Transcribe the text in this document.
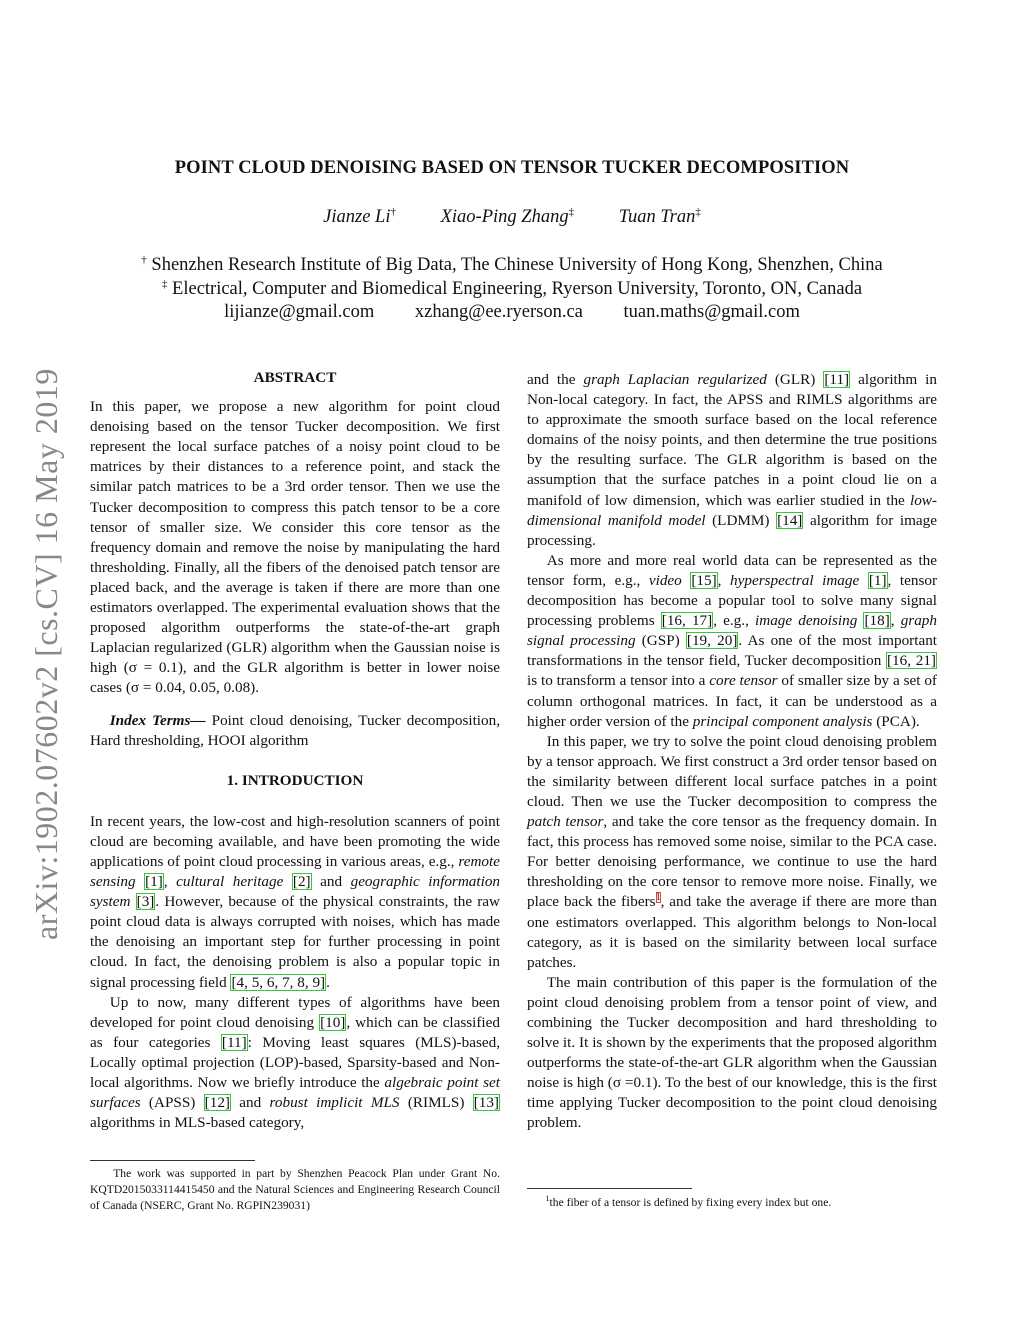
arXiv:1902.07602v2 [cs.CV] 16 May 2019
POINT CLOUD DENOISING BASED ON TENSOR TUCKER DECOMPOSITION
Jianze Li† Xiao-Ping Zhang‡ Tuan Tran‡
† Shenzhen Research Institute of Big Data, The Chinese University of Hong Kong, Shenzhen, China
‡ Electrical, Computer and Biomedical Engineering, Ryerson University, Toronto, ON, Canada
lijianze@gmail.com xzhang@ee.ryerson.ca tuan.maths@gmail.com
ABSTRACT

In this paper, we propose a new algorithm for point cloud denoising based on the tensor Tucker decomposition. We first represent the local surface patches of a noisy point cloud to be matrices by their distances to a reference point, and stack the similar patch matrices to be a 3rd order tensor. Then we use the Tucker decomposition to compress this patch tensor to be a core tensor of smaller size. We consider this core tensor as the frequency domain and remove the noise by manipulating the hard thresholding. Finally, all the fibers of the denoised patch tensor are placed back, and the average is taken if there are more than one estimators overlapped. The experimental evaluation shows that the proposed algorithm outperforms the state-of-the-art graph Laplacian regularized (GLR) algorithm when the Gaussian noise is high (σ = 0.1), and the GLR algorithm is better in lower noise cases (σ = 0.04, 0.05, 0.08).

Index Terms— Point cloud denoising, Tucker decomposition, Hard thresholding, HOOI algorithm

1. INTRODUCTION

In recent years, the low-cost and high-resolution scanners of point cloud are becoming available, and have been promoting the wide applications of point cloud processing in various areas, e.g., remote sensing [1], cultural heritage [2] and geographic information system [3]. However, because of the physical constraints, the raw point cloud data is always corrupted with noises, which has made the denoising an important step for further processing in point cloud. In fact, the denoising problem is also a popular topic in signal processing field [4, 5, 6, 7, 8, 9].

Up to now, many different types of algorithms have been developed for point cloud denoising [10], which can be classified as four categories [11]: Moving least squares (MLS)-based, Locally optimal projection (LOP)-based, Sparsity-based and Non-local algorithms. Now we briefly introduce the algebraic point set surfaces (APSS) [12] and robust implicit MLS (RIMLS) [13] algorithms in MLS-based category,

and the graph Laplacian regularized (GLR) [11] algorithm in Non-local category. In fact, the APSS and RIMLS algorithms are to approximate the smooth surface based on the local reference domains of the noisy points, and then determine the true positions by the resulting surface. The GLR algorithm is based on the assumption that the surface patches in a point cloud lie on a manifold of low dimension, which was earlier studied in the low-dimensional manifold model (LDMM) [14] algorithm for image processing.

As more and more real world data can be represented as the tensor form, e.g., video [15], hyperspectral image [1], tensor decomposition has become a popular tool to solve many signal processing problems [16, 17], e.g., image denoising [18], graph signal processing (GSP) [19, 20]. As one of the most important transformations in the tensor field, Tucker decomposition [16, 21] is to transform a tensor into a core tensor of smaller size by a set of column orthogonal matrices. In fact, it can be understood as a higher order version of the principal component analysis (PCA).

In this paper, we try to solve the point cloud denoising problem by a tensor approach. We first construct a 3rd order tensor based on the similarity between different local surface patches in a point cloud. Then we use the Tucker decomposition to compress the patch tensor, and take the core tensor as the frequency domain. In fact, this process has removed some noise, similar to the PCA case. For better denoising performance, we continue to use the hard thresholding on the core tensor to remove more noise. Finally, we place back the fibers$^1$, and take the average if there are more than one estimators overlapped. This algorithm belongs to Non-local category, as it is based on the similarity between local surface patches.

The main contribution of this paper is the formulation of the point cloud denoising problem from a tensor point of view, and combining the Tucker decomposition and hard thresholding to solve it. It is shown by the experiments that the proposed algorithm outperforms the state-of-the-art GLR algorithm when the Gaussian noise is high (σ =0.1). To the best of our knowledge, this is the first time applying Tucker decomposition to the point cloud denoising problem.

The work was supported in part by Shenzhen Peacock Plan under Grant No. KQTD2015033114415450 and the Natural Sciences and Engineering Research Council of Canada (NSERC, Grant No. RGPIN239031)
$^1$the fiber of a tensor is defined by fixing every index but one.
